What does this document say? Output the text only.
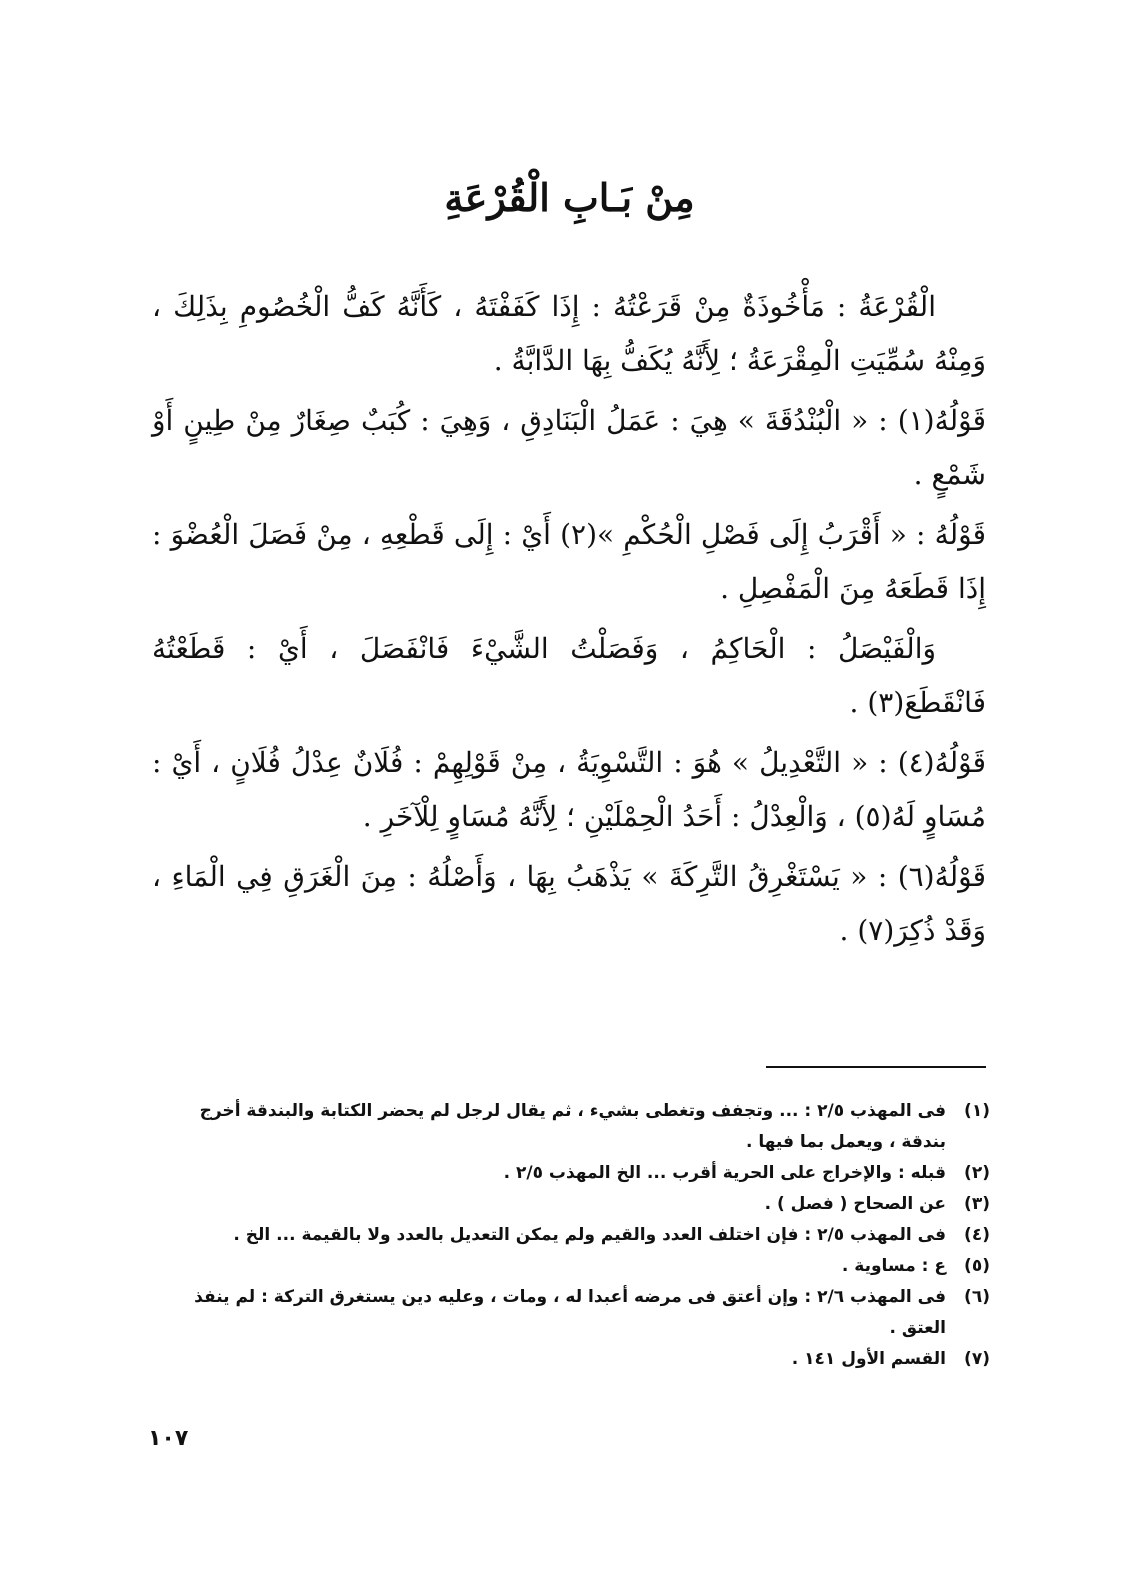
مِنْ بَـابِ الْقُرْعَةِ

الْقُرْعَةُ : مَأْخُوذَةٌ مِنْ قَرَعْتُهُ : إِذَا كَفَفْتَهُ ، كَأَنَّهُ كَفُّ الْخُصُومِ بِذَلِكَ ، وَمِنْهُ سُمِّيَتِ الْمِقْرَعَةُ ؛ لِأَنَّهُ يُكَفُّ بِهَا الدَّابَّةُ .

قَوْلُهُ(١) : « الْبُنْدُقَةَ » هِيَ : عَمَلُ الْبَنَادِقِ ، وَهِيَ : كُبَبٌ صِغَارٌ مِنْ طِينٍ أَوْ شَمْعٍ .

قَوْلُهُ : « أَقْرَبُ إِلَى فَصْلِ الْحُكْمِ »(٢) أَيْ : إِلَى قَطْعِهِ ، مِنْ فَصَلَ الْعُضْوَ : إِذَا قَطَعَهُ مِنَ الْمَفْصِلِ .

وَالْفَيْصَلُ : الْحَاكِمُ ، وَفَصَلْتُ الشَّيْءَ فَانْفَصَلَ ، أَيْ : قَطَعْتُهُ فَانْقَطَعَ(٣) .

قَوْلُهُ(٤) : « التَّعْدِيلُ » هُوَ : التَّسْوِيَةُ ، مِنْ قَوْلِهِمْ : فُلَانٌ عِدْلُ فُلَانٍ ، أَيْ : مُسَاوٍ لَهُ(٥) ، وَالْعِدْلُ : أَحَدُ الْحِمْلَيْنِ ؛ لِأَنَّهُ مُسَاوٍ لِلْآخَرِ .

قَوْلُهُ(٦) : « يَسْتَغْرِقُ التَّرِكَةَ » يَذْهَبُ بِهَا ، وَأَصْلُهُ : مِنَ الْغَرَقِ فِي الْمَاءِ ، وَقَدْ ذُكِرَ(٧) .

(١)
فى المهذب ٢/٥ : ... وتجفف وتغطى بشيء ، ثم يقال لرجل لم يحضر الكتابة والبندقة أخرج بندقة ، ويعمل بما فيها .
(٢)
قبله : والإخراج على الحرية أقرب ... الخ المهذب ٢/٥ .
(٣)
عن الصحاح ( فصل ) .
(٤)
فى المهذب ٢/٥ : فإن اختلف العدد والقيم ولم يمكن التعديل بالعدد ولا بالقيمة ... الخ .
(٥)
ع : مساوية .
(٦)
فى المهذب ٢/٦ : وإن أعتق فى مرضه أعبدا له ، ومات ، وعليه دين يستغرق التركة : لم ينفذ العتق .
(٧)
القسم الأول ١٤١ .
١٠٧
